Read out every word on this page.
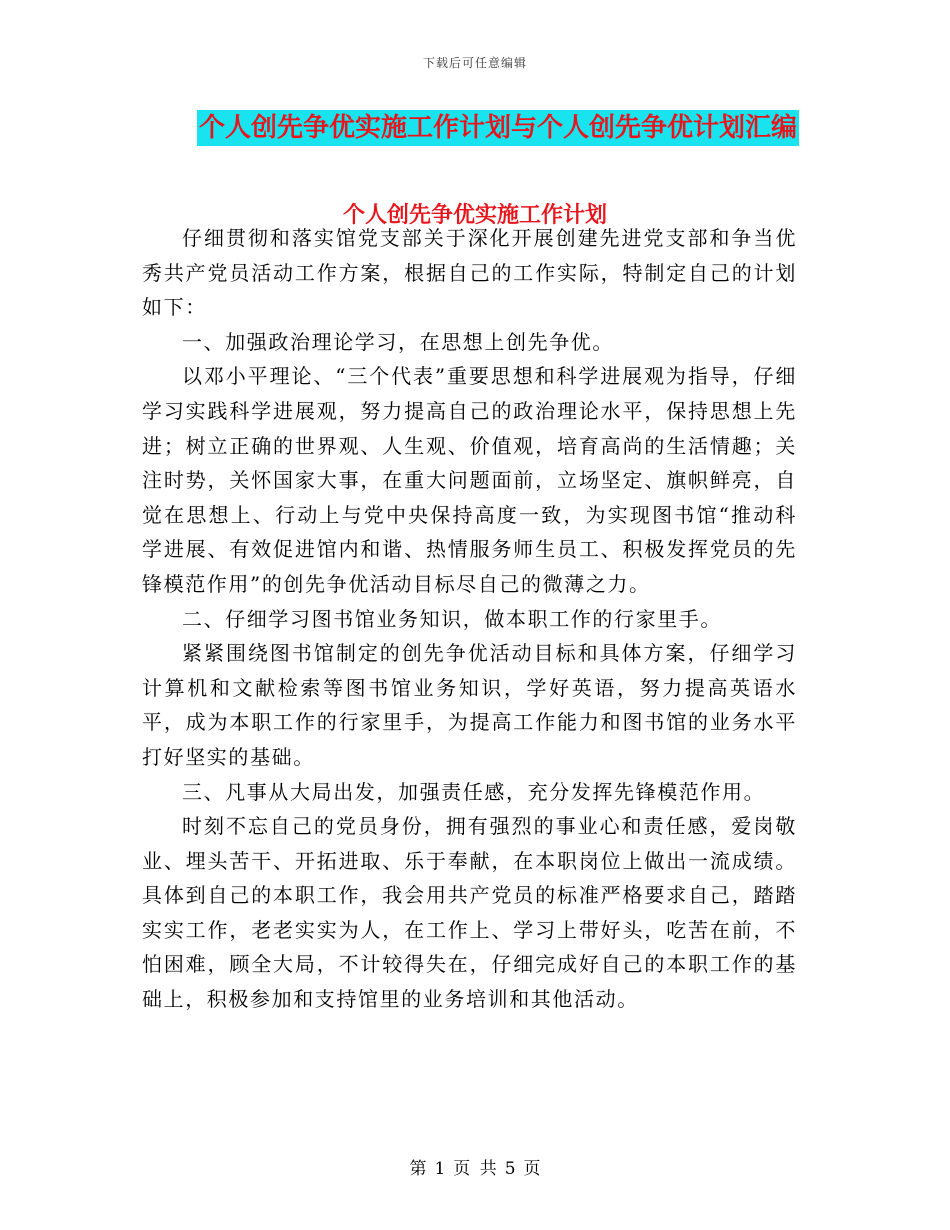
下载后可任意编辑
个人创先争优实施工作计划与个人创先争优计划汇编
个人创先争优实施工作计划

仔细贯彻和落实馆党支部关于深化开展创建先进党支部和争当优秀共产党员活动工作方案，根据自己的工作实际，特制定自己的计划如下：

一、加强政治理论学习，在思想上创先争优。

以邓小平理论、“三个代表”重要思想和科学进展观为指导，仔细学习实践科学进展观，努力提高自己的政治理论水平，保持思想上先进；树立正确的世界观、人生观、价值观，培育高尚的生活情趣；关注时势，关怀国家大事，在重大问题面前，立场坚定、旗帜鲜亮，自觉在思想上、行动上与党中央保持高度一致，为实现图书馆“推动科学进展、有效促进馆内和谐、热情服务师生员工、积极发挥党员的先锋模范作用”的创先争优活动目标尽自己的微薄之力。

二、仔细学习图书馆业务知识，做本职工作的行家里手。

紧紧围绕图书馆制定的创先争优活动目标和具体方案，仔细学习计算机和文献检索等图书馆业务知识，学好英语，努力提高英语水平，成为本职工作的行家里手，为提高工作能力和图书馆的业务水平打好坚实的基础。

三、凡事从大局出发，加强责任感，充分发挥先锋模范作用。

时刻不忘自己的党员身份，拥有强烈的事业心和责任感，爱岗敬业、埋头苦干、开拓进取、乐于奉献，在本职岗位上做出一流成绩。具体到自己的本职工作，我会用共产党员的标准严格要求自己，踏踏实实工作，老老实实为人，在工作上、学习上带好头，吃苦在前，不怕困难，顾全大局，不计较得失在，仔细完成好自己的本职工作的基础上，积极参加和支持馆里的业务培训和其他活动。

第 1 页 共 5 页
